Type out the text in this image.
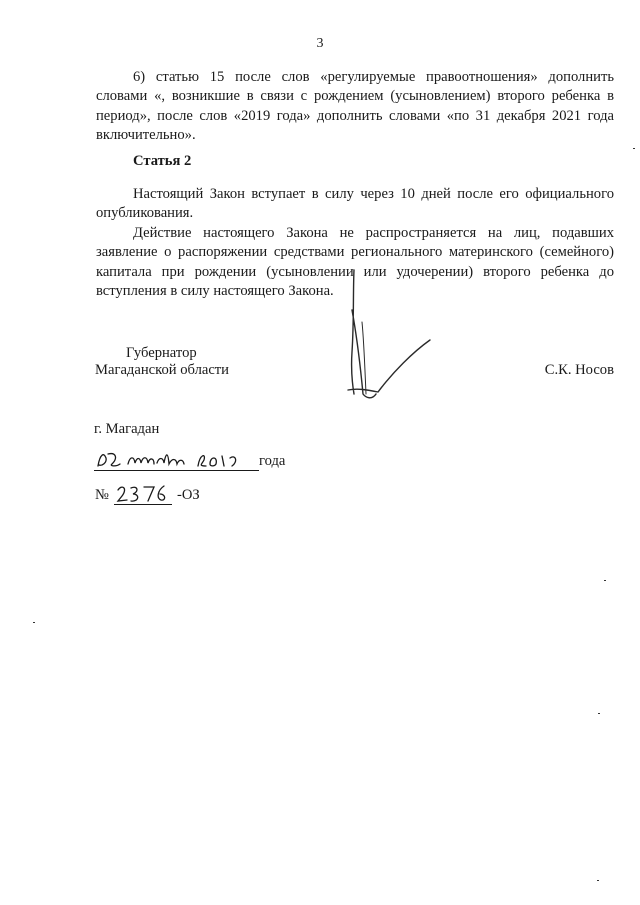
3

6) статью 15 после слов «регулируемые правоотношения» дополнить словами «, возникшие в связи с рождением (усыновлением) второго ребенка в период», после слов «2019 года» дополнить словами «по 31 декабря 2021 года включительно».

Статья 2

Настоящий Закон вступает в силу через 10 дней после его официального опубликования.

Действие настоящего Закона не распространяется на лиц, подавших заявление о распоряжении средствами регионального материнского (семейного) капитала при рождении (усыновлении или удочерении) второго ребенка до вступления в силу настоящего Закона.

Губернатор
Магаданской области	С.К. Носов
г. Магадан
года
№	-ОЗ
